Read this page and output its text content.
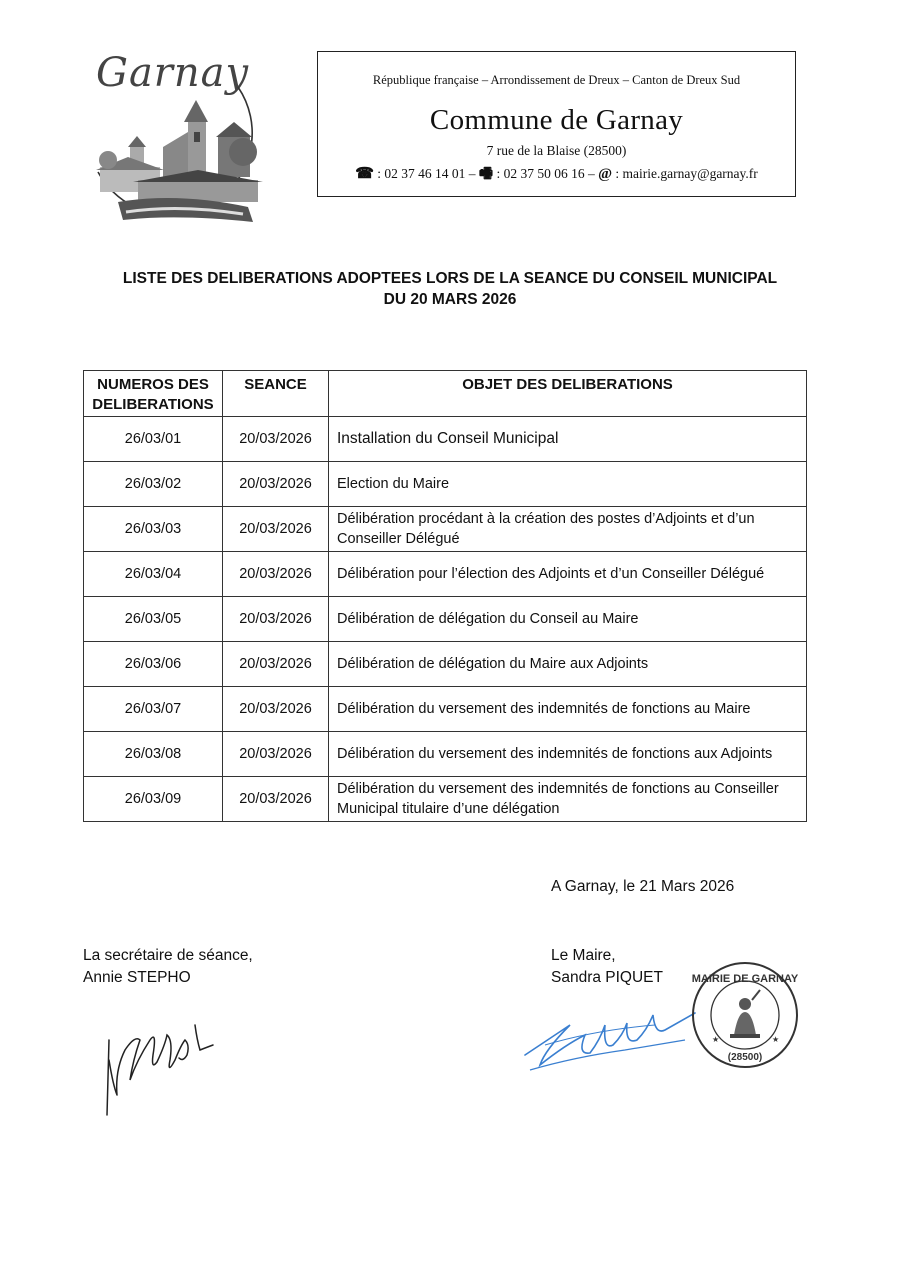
Garnay	République française – Arrondissement de Dreux – Canton de Dreux Sud
Commune de Garnay
7 rue de la Blaise (28500)
☎ : 02 37 46 14 01 – 🖷 : 02 37 50 06 16 – @ : mairie.garnay@garnay.fr
LISTE DES DELIBERATIONS ADOPTEES LORS DE LA SEANCE DU CONSEIL MUNICIPAL
DU 20 MARS 2026
NUMEROS DES DELIBERATIONS	SEANCE	OBJET DES DELIBERATIONS
26/03/01	20/03/2026	Installation du Conseil Municipal
26/03/02	20/03/2026	Election du Maire
26/03/03	20/03/2026	Délibération procédant à la création des postes d’Adjoints et d’un Conseiller Délégué
26/03/04	20/03/2026	Délibération pour l’élection des Adjoints et d’un Conseiller Délégué
26/03/05	20/03/2026	Délibération de délégation du Conseil au Maire
26/03/06	20/03/2026	Délibération de délégation du Maire aux Adjoints
26/03/07	20/03/2026	Délibération du versement des indemnités de fonctions au Maire
26/03/08	20/03/2026	Délibération du versement des indemnités de fonctions aux Adjoints
26/03/09	20/03/2026	Délibération du versement des indemnités de fonctions au Conseiller Municipal titulaire d’une délégation
A Garnay, le 21 Mars 2026
La secrétaire de séance,
Annie STEPHO
Le Maire,
Sandra PIQUET	MAIRIE DE GARNAY
(28500)
★	★
